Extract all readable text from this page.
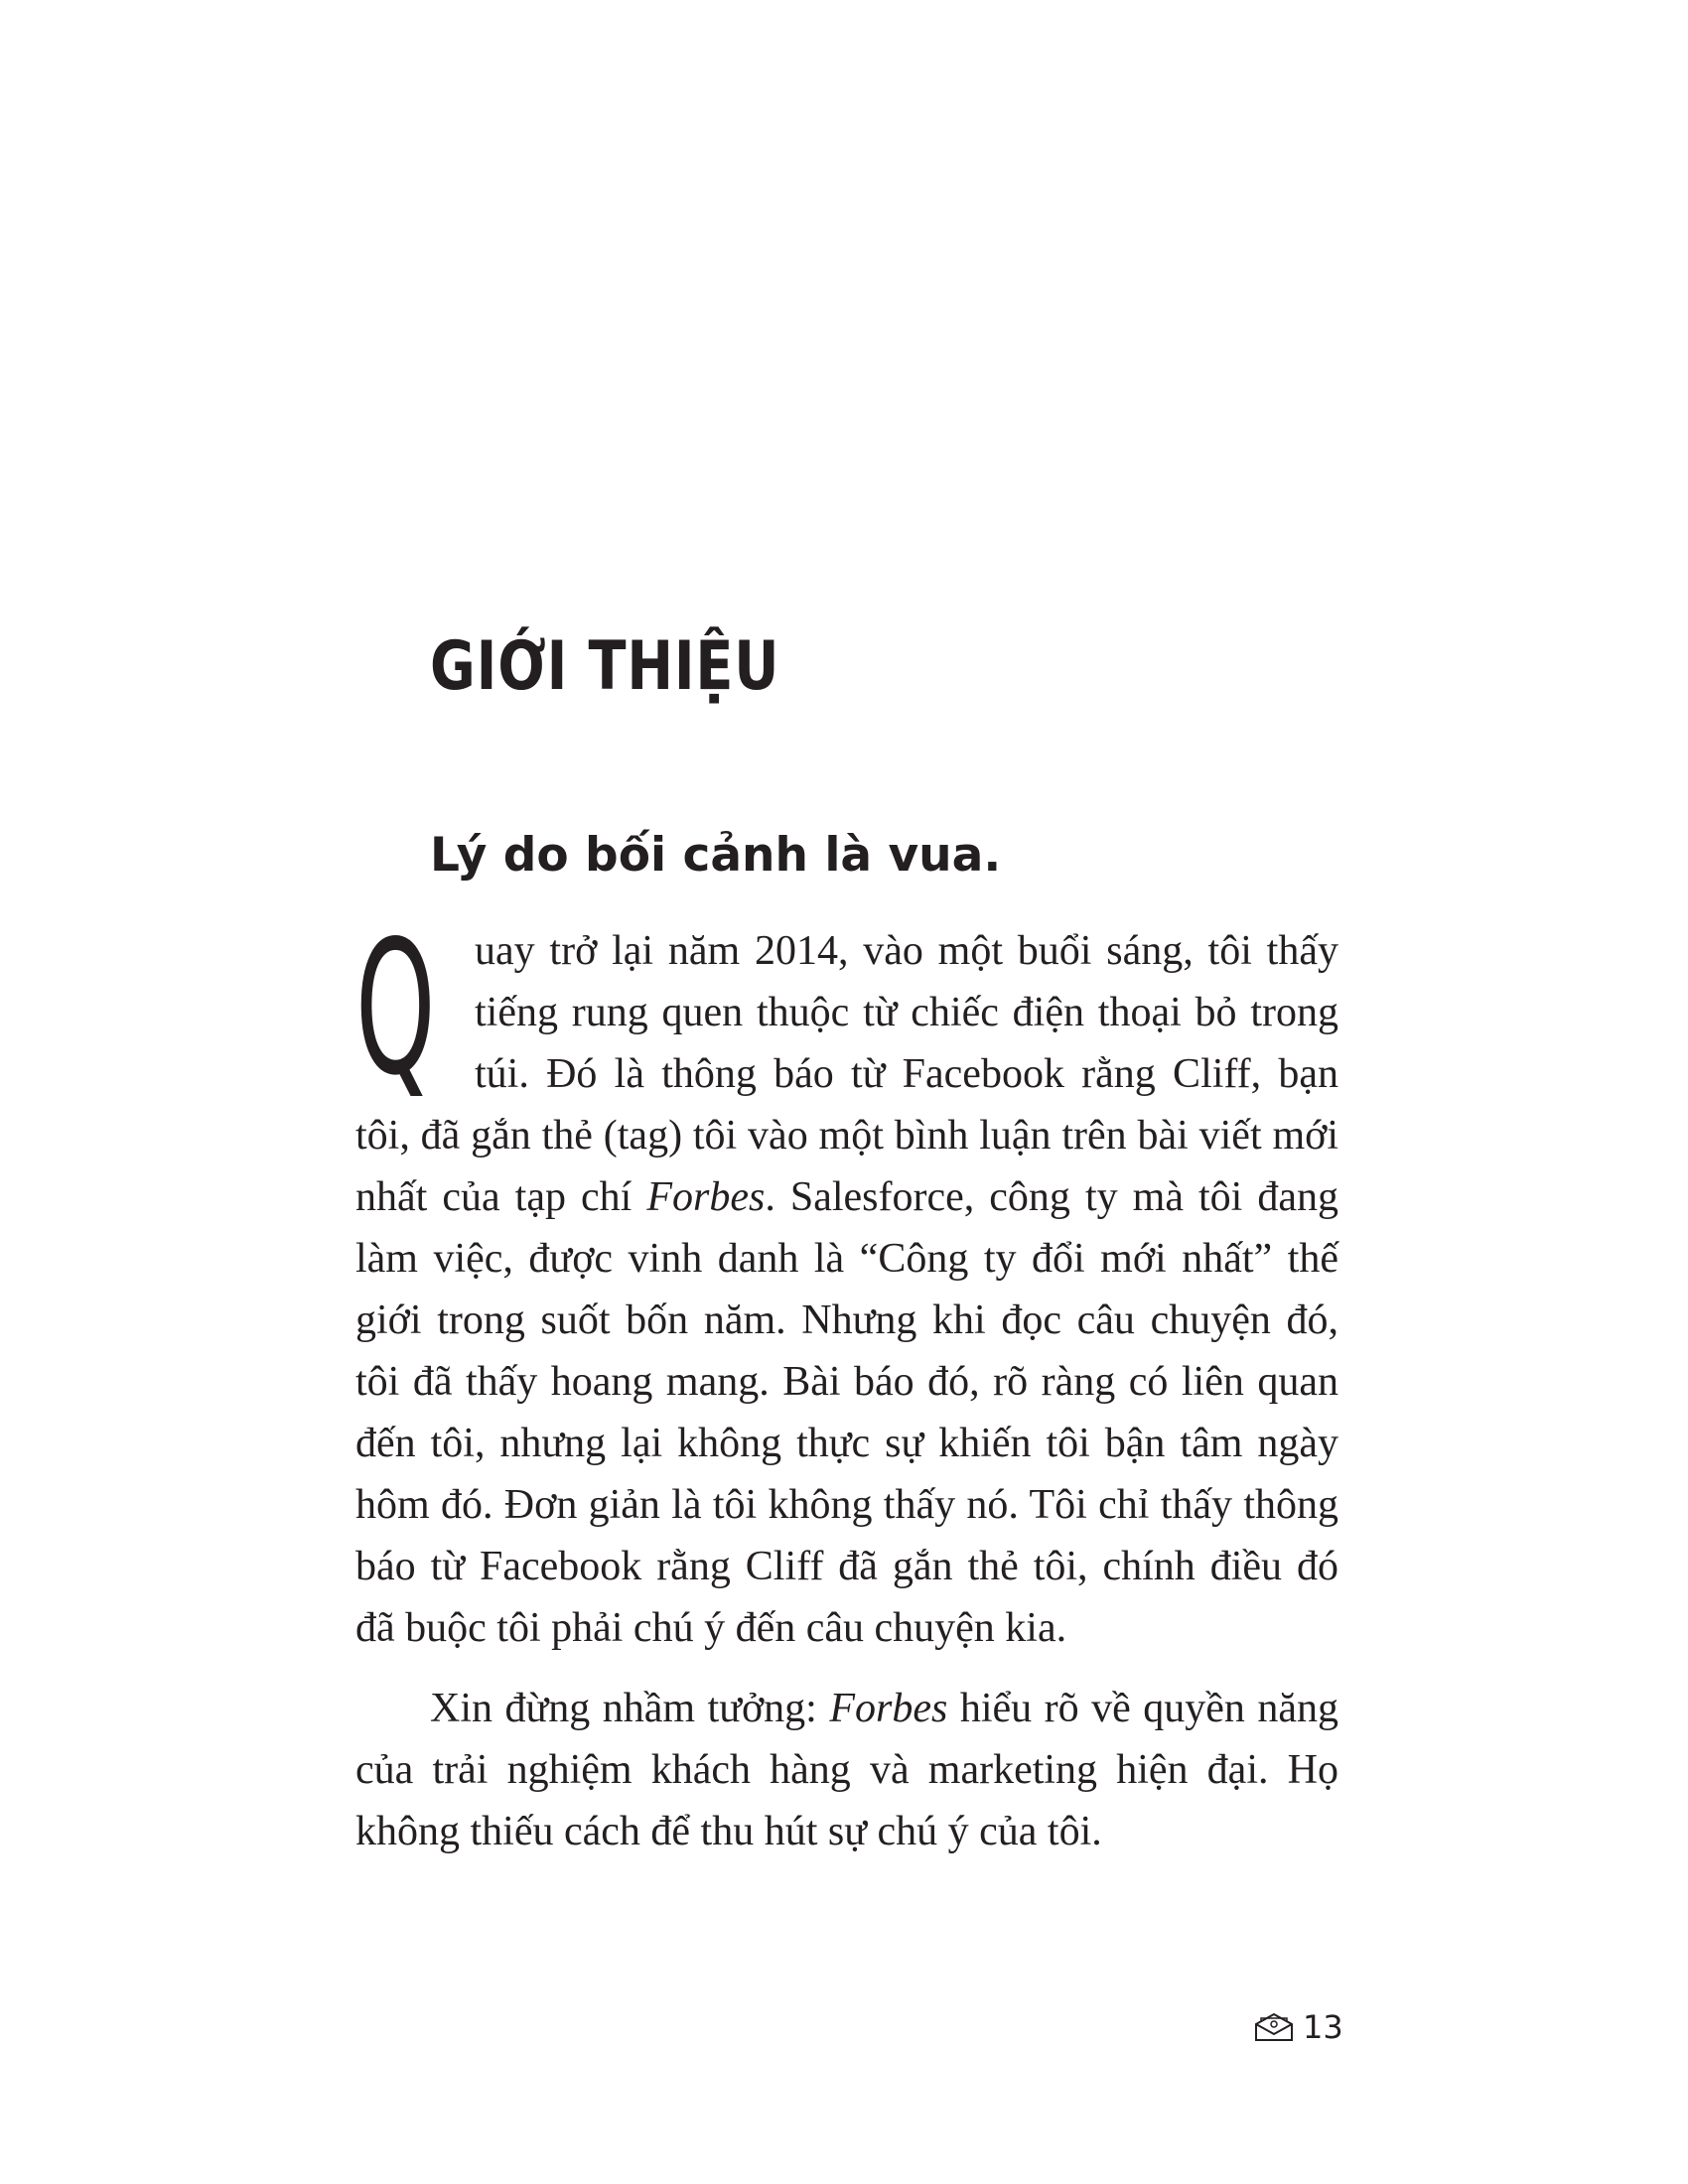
GIỚI THIỆU
Lý do bối cảnh là vua.

Quay trở lại năm 2014, vào một buổi sáng, tôi thấy tiếng rung quen thuộc từ chiếc điện thoại bỏ trong túi. Đó là thông báo từ Facebook rằng Cliff, bạn tôi, đã gắn thẻ (tag) tôi vào một bình luận trên bài viết mới nhất của tạp chí Forbes. Salesforce, công ty mà tôi đang làm việc, được vinh danh là “Công ty đổi mới nhất” thế giới trong suốt bốn năm. Nhưng khi đọc câu chuyện đó, tôi đã thấy hoang mang. Bài báo đó, rõ ràng có liên quan đến tôi, nhưng lại không thực sự khiến tôi bận tâm ngày hôm đó. Đơn giản là tôi không thấy nó. Tôi chỉ thấy thông báo từ Facebook rằng Cliff đã gắn thẻ tôi, chính điều đó đã buộc tôi phải chú ý đến câu chuyện kia.

Xin đừng nhầm tưởng: Forbes hiểu rõ về quyền năng của trải nghiệm khách hàng và marketing hiện đại. Họ không thiếu cách để thu hút sự chú ý của tôi.

13
